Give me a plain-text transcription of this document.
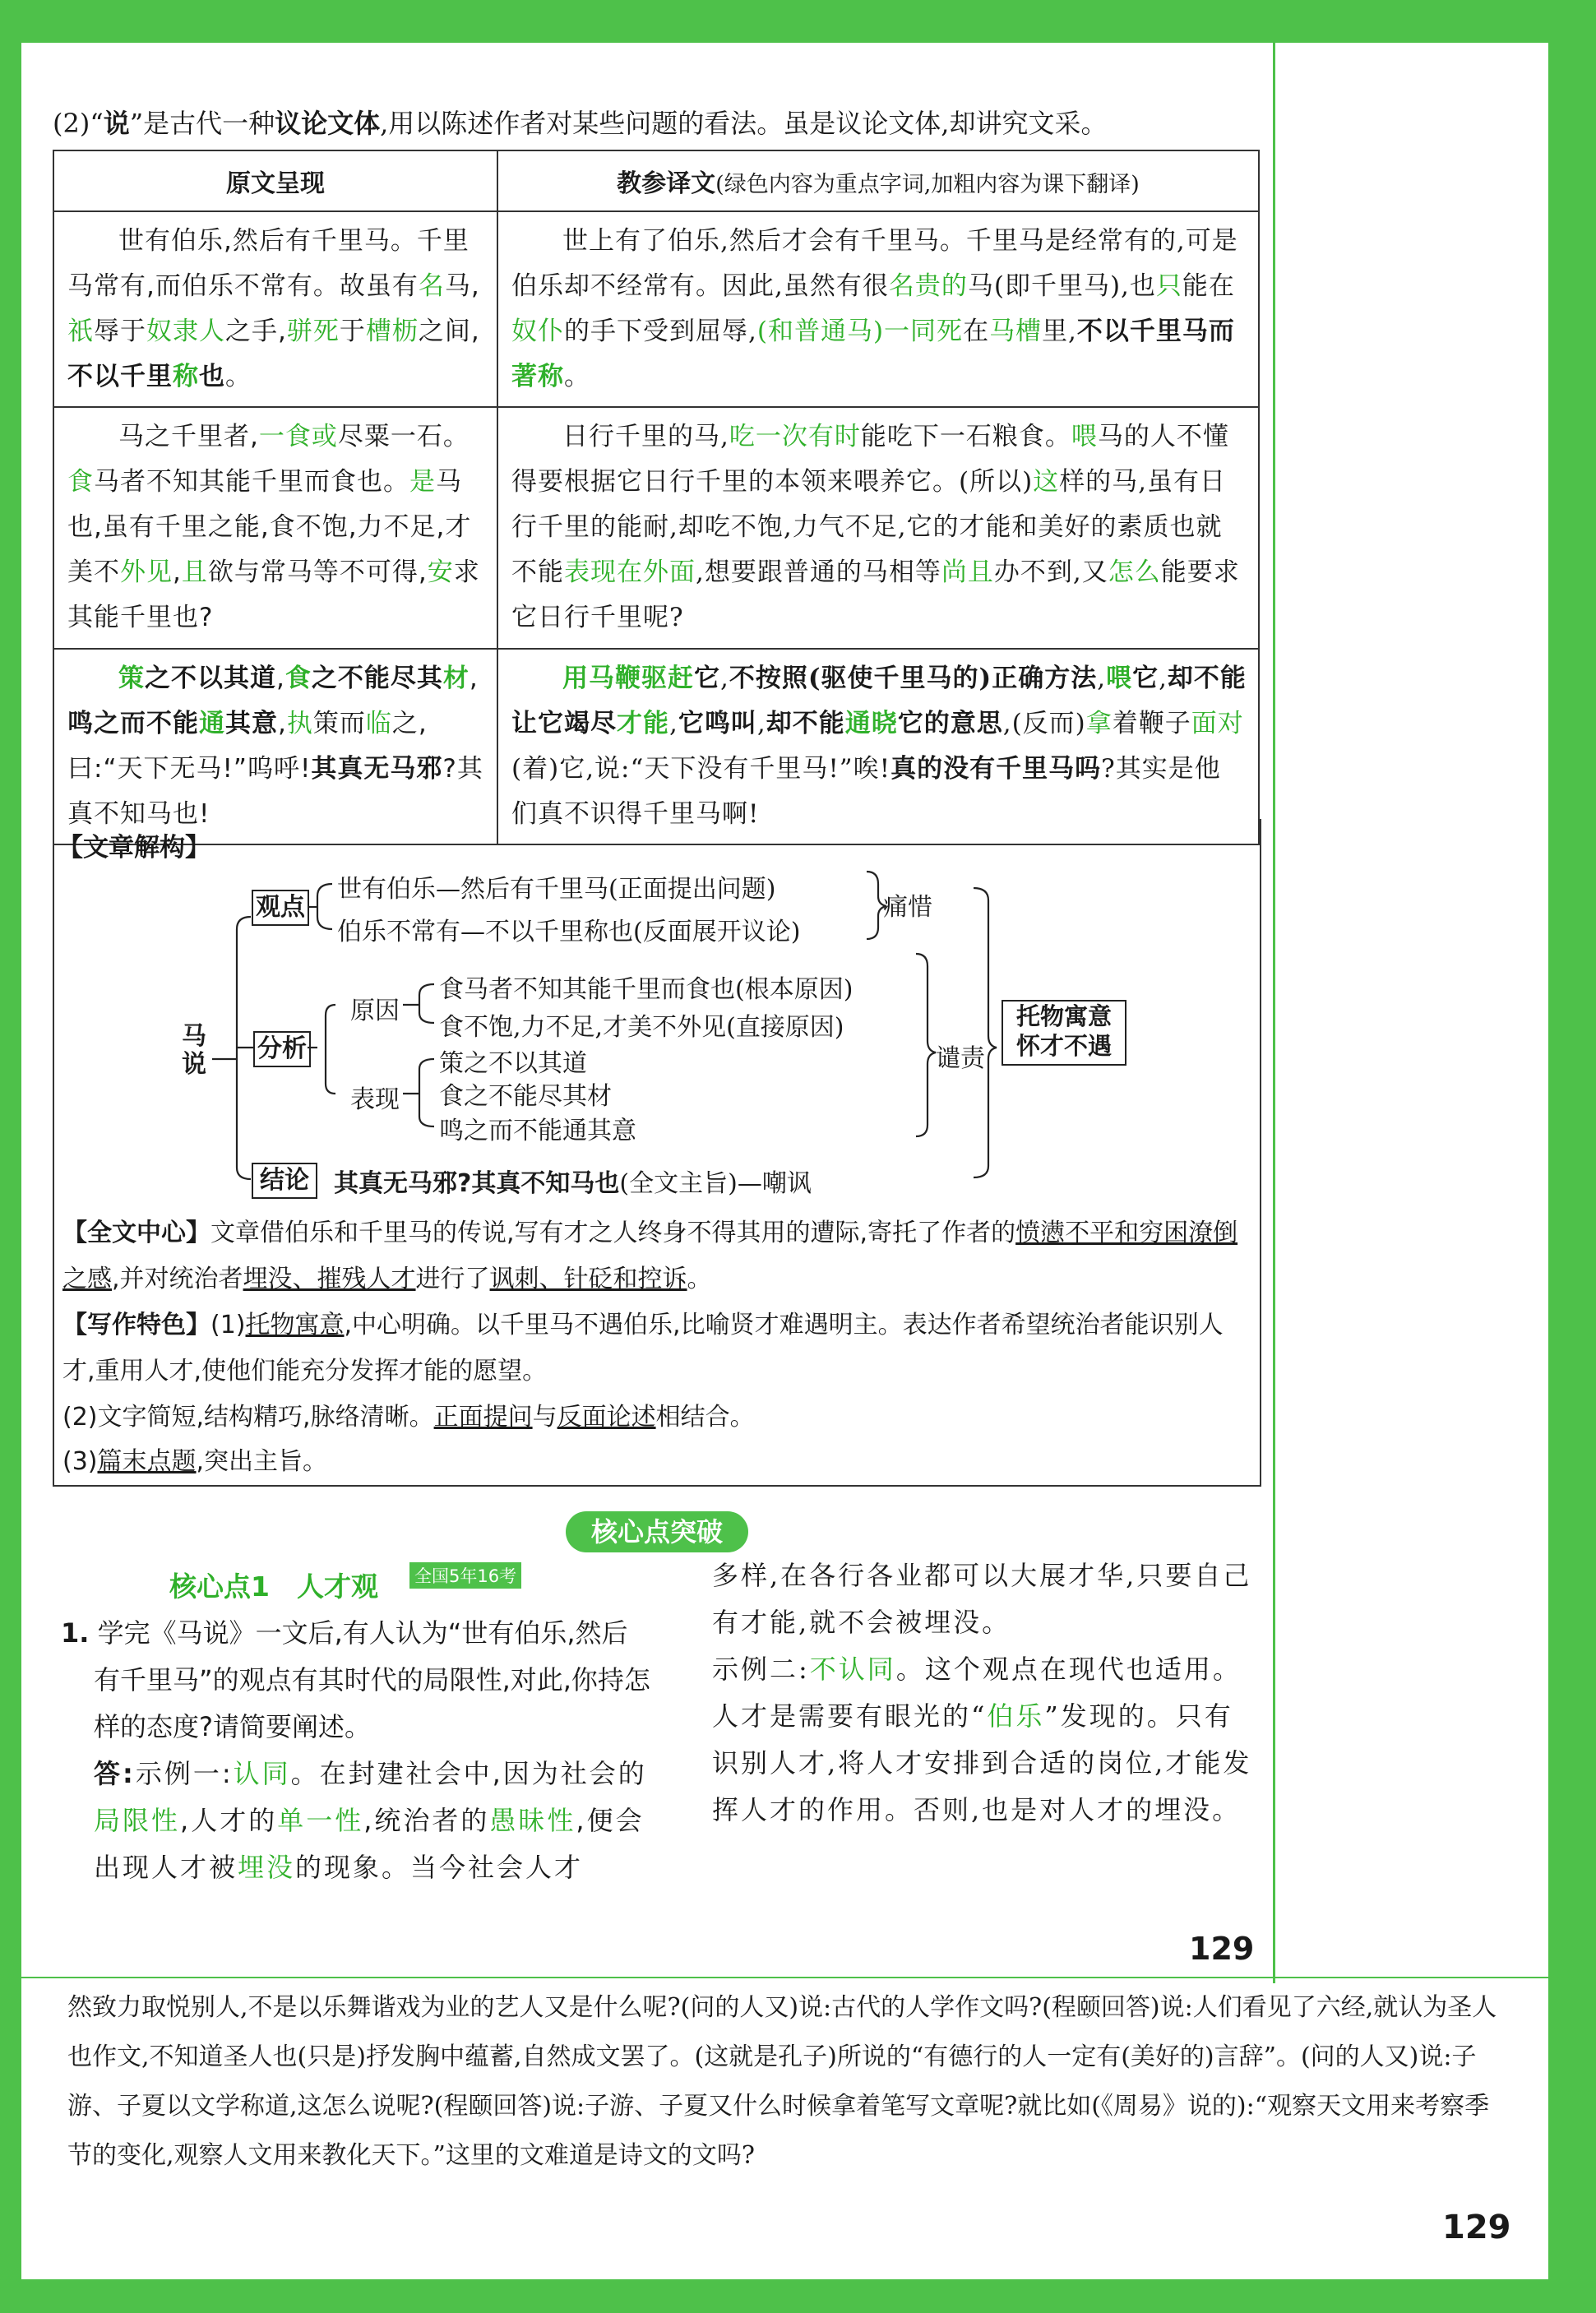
(2)“说”是古代一种议论文体,用以陈述作者对某些问题的看法。虽是议论文体,却讲究文采。
原文呈现	教参译文(绿色内容为重点字词,加粗内容为课下翻译)
世有伯乐,然后有千里马。千里马常有,而伯乐不常有。故虽有名马,祇辱于奴隶人之手,骈死于槽枥之间,不以千里称也。	世上有了伯乐,然后才会有千里马。千里马是经常有的,可是伯乐却不经常有。因此,虽然有很名贵的马(即千里马),也只能在奴仆的手下受到屈辱,(和普通马)一同死在马槽里,不以千里马而著称。
马之千里者,一食或尽粟一石。食马者不知其能千里而食也。是马也,虽有千里之能,食不饱,力不足,才美不外见,且欲与常马等不可得,安求其能千里也?	日行千里的马,吃一次有时能吃下一石粮食。喂马的人不懂得要根据它日行千里的本领来喂养它。(所以)这样的马,虽有日行千里的能耐,却吃不饱,力气不足,它的才能和美好的素质也就不能表现在外面,想要跟普通的马相等尚且办不到,又怎么能要求它日行千里呢?
策之不以其道,食之不能尽其材,鸣之而不能通其意,执策而临之,曰:“天下无马!”呜呼!其真无马邪?其真不知马也!	用马鞭驱赶它,不按照(驱使千里马的)正确方法,喂它,却不能让它竭尽才能,它鸣叫,却不能通晓它的意思,(反而)拿着鞭子面对(着)它,说:“天下没有千里马!”唉!真的没有千里马吗?其实是他们真不识得千里马啊!
【文章解构】
马说
观点
世有伯乐—然后有千里马(正面提出问题)
伯乐不常有—不以千里称也(反面展开议论)
痛惜
分析
原因
食马者不知其能千里而食也(根本原因)
食不饱,力不足,才美不外见(直接原因)
表现
策之不以其道
食之不能尽其材
鸣之而不能通其意
谴责
托物寓意
怀才不遇
结论	其真无马邪?其真不知马也(全文主旨)—嘲讽
【全文中心】文章借伯乐和千里马的传说,写有才之人终身不得其用的遭际,寄托了作者的愤懑不平和穷困潦倒之感,并对统治者埋没、摧残人才进行了讽刺、针砭和控诉。
【写作特色】(1)托物寓意,中心明确。以千里马不遇伯乐,比喻贤才难遇明主。表达作者希望统治者能识别人才,重用人才,使他们能充分发挥才能的愿望。
(2)文字简短,结构精巧,脉络清晰。正面提问与反面论述相结合。
(3)篇末点题,突出主旨。
核心点突破
核心点1　人才观 全国5年16考
1. 学完《马说》一文后,有人认为“世有伯乐,然后有千里马”的观点有其时代的局限性,对此,你持怎样的态度?请简要阐述。
答:示例一:认同。在封建社会中,因为社会的局限性,人才的单一性,统治者的愚昧性,便会出现人才被埋没的现象。当今社会人才
多样,在各行各业都可以大展才华,只要自己有才能,就不会被埋没。
示例二:不认同。这个观点在现代也适用。人才是需要有眼光的“伯乐”发现的。只有识别人才,将人才安排到合适的岗位,才能发挥人才的作用。否则,也是对人才的埋没。
129
然致力取悦别人,不是以乐舞谐戏为业的艺人又是什么呢?(问的人又)说:古代的人学作文吗?(程颐回答)说:人们看见了六经,就认为圣人也作文,不知道圣人也(只是)抒发胸中蕴蓄,自然成文罢了。(这就是孔子)所说的“有德行的人一定有(美好的)言辞”。(问的人又)说:子游、子夏以文学称道,这怎么说呢?(程颐回答)说:子游、子夏又什么时候拿着笔写文章呢?就比如(《周易》说的):“观察天文用来考察季节的变化,观察人文用来教化天下。”这里的文难道是诗文的文吗?
129
